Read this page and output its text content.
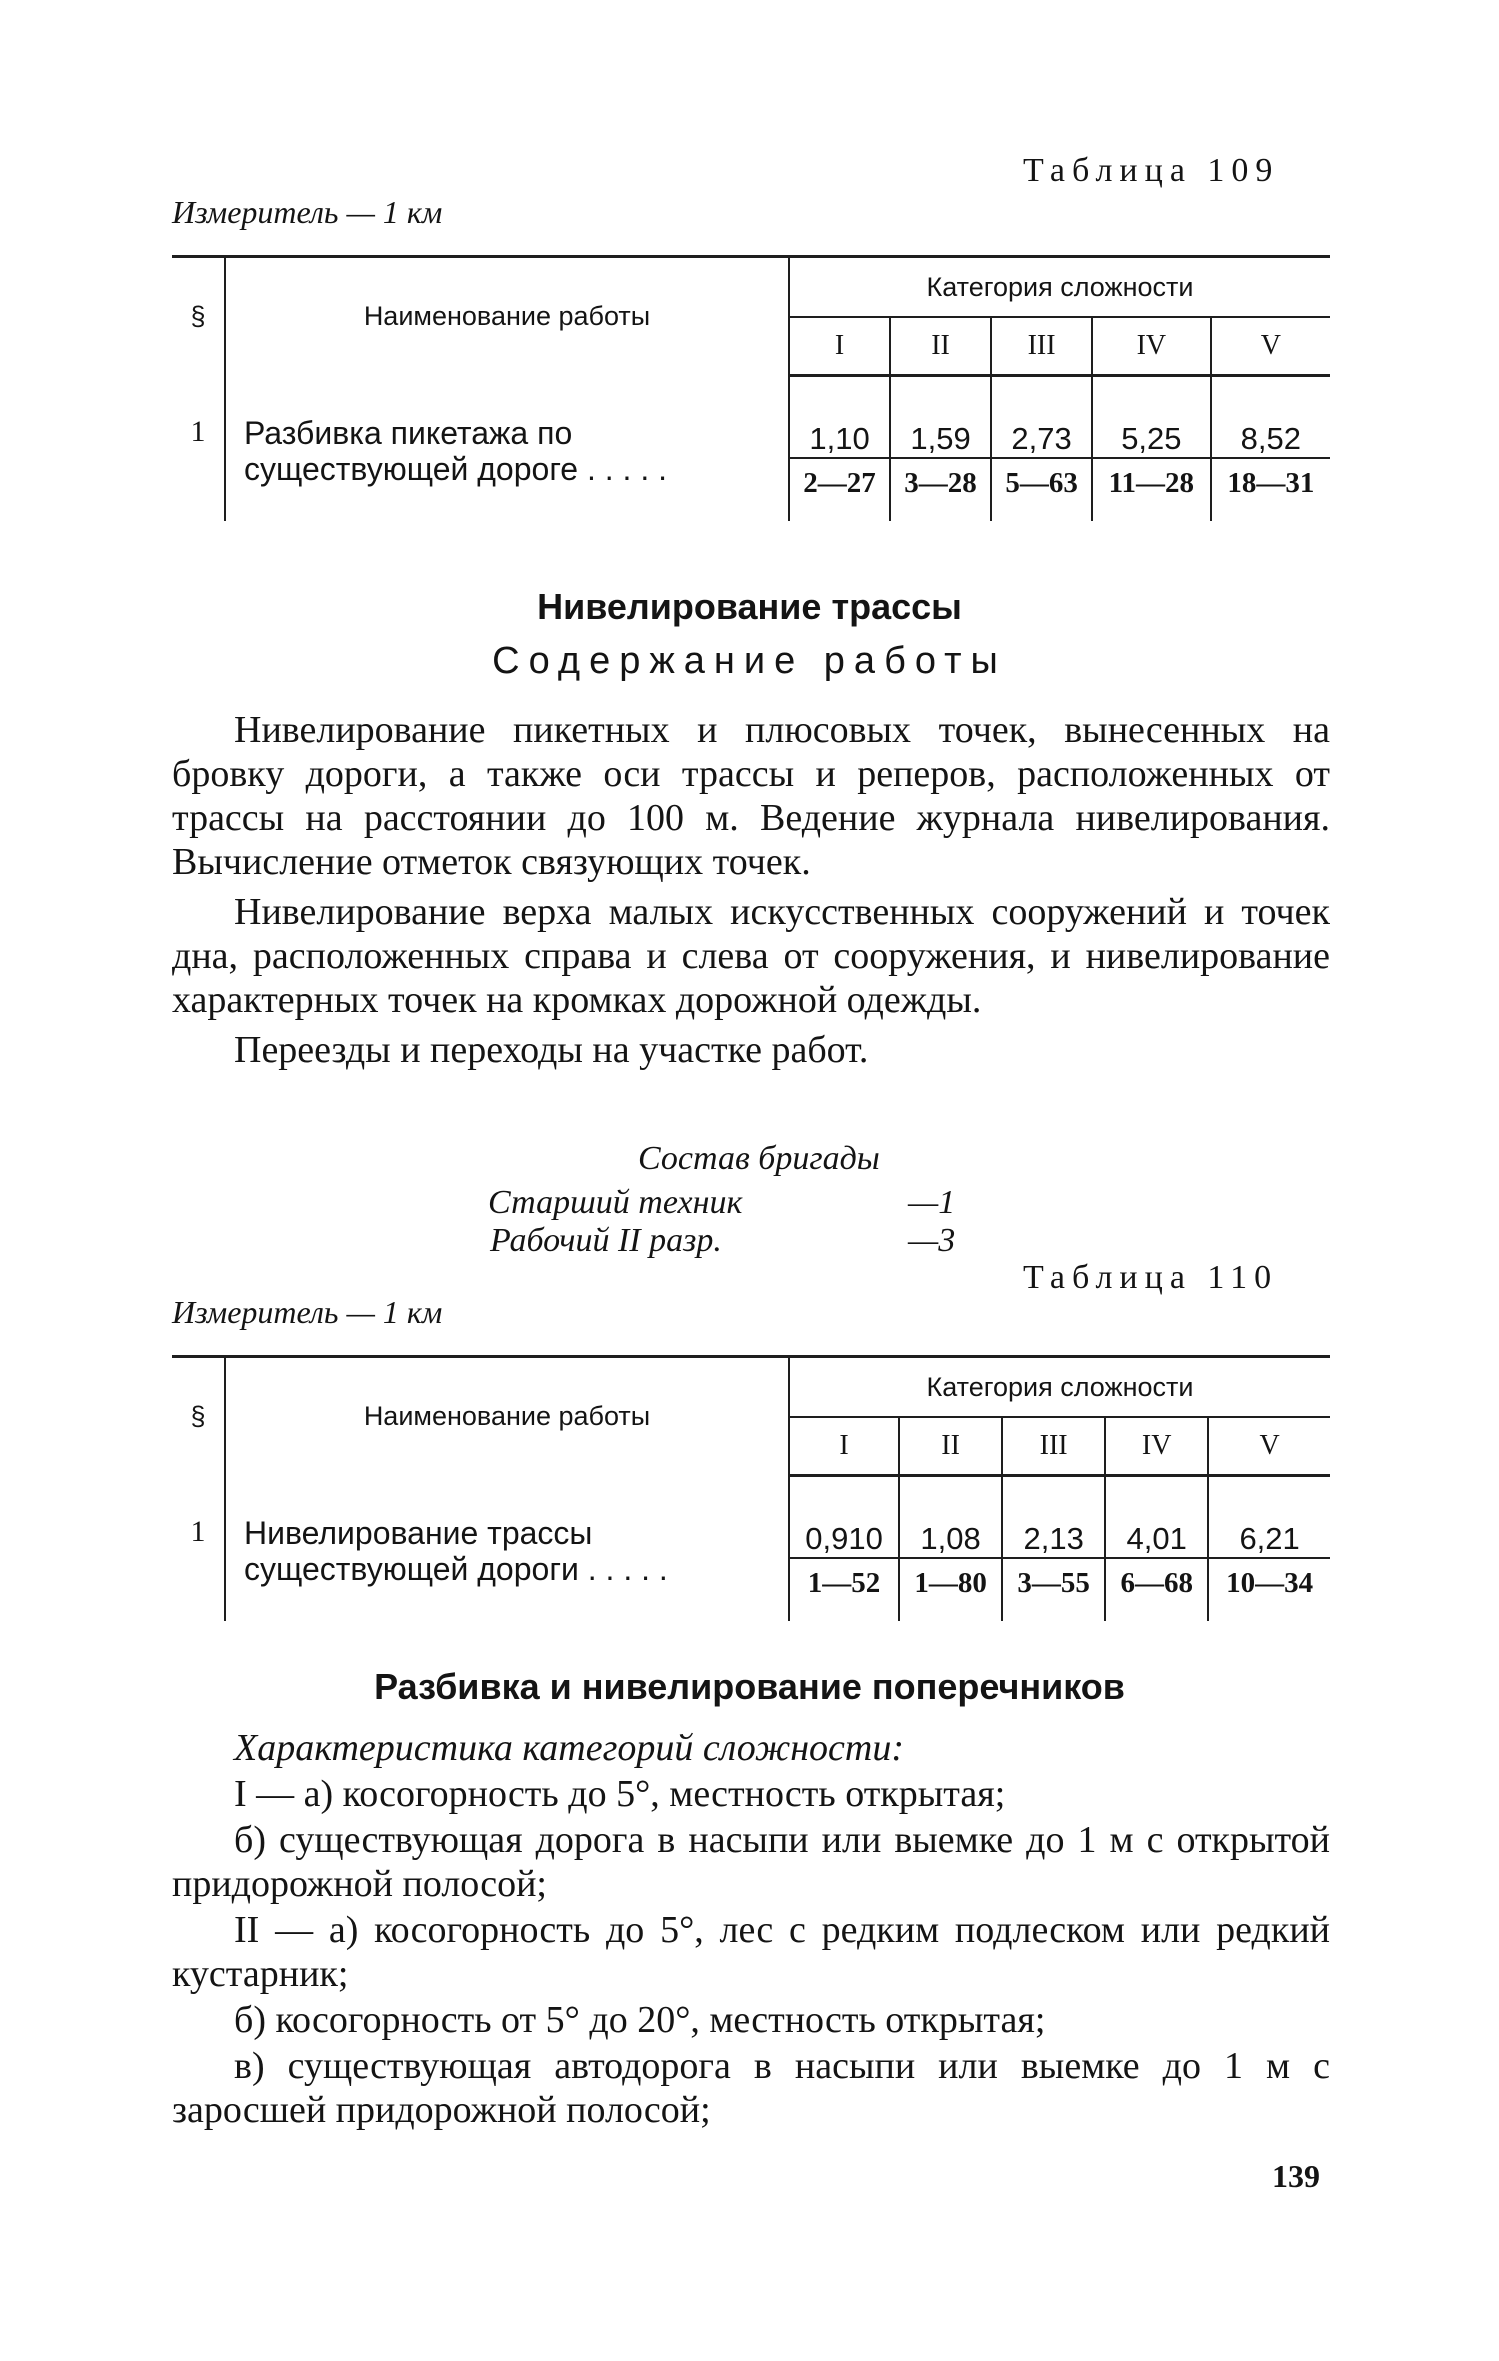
Таблица 109
Измеритель — 1 км
§	Наименование работы	Категория сложности				
		I	II	III	IV	V

1	Разбивка пикетажа по существующей дороге . . . . .	1,10	1,59	2,73	5,25	8,52
		2—27	3—28	5—63	11—28	18—31

Нивелирование трассы
Содержание работы

Нивелирование пикетных и плюсовых точек, вынесенных на бровку дороги, а также оси трассы и реперов, расположенных от трассы на расстоянии до 100 м. Ведение журнала нивелирования. Вычисление отметок связующих точек.

Нивелирование верха малых искусственных сооружений и точек дна, расположенных справа и слева от сооружения, и нивелирование характерных точек на кромках дорожной одежды.

Переезды и переходы на участке работ.

Состав бригады
Старший техник	—1
Рабочий II разр.	—3
Таблица 110
Измеритель — 1 км
§	Наименование работы	Категория сложности				
		I	II	III	IV	V

1	Нивелирование трассы существующей дороги . . . . .	0,910	1,08	2,13	4,01	6,21
		1—52	1—80	3—55	6—68	10—34

Разбивка и нивелирование поперечников

Характеристика категорий сложности:

I — а) косогорность до 5°, местность открытая;

б) существующая дорога в насыпи или выемке до 1 м с открытой придорожной полосой;

II — а) косогорность до 5°, лес с редким подлеском или редкий кустарник;

б) косогорность от 5° до 20°, местность открытая;

в) существующая автодорога в насыпи или выемке до 1 м с заросшей придорожной полосой;

139
